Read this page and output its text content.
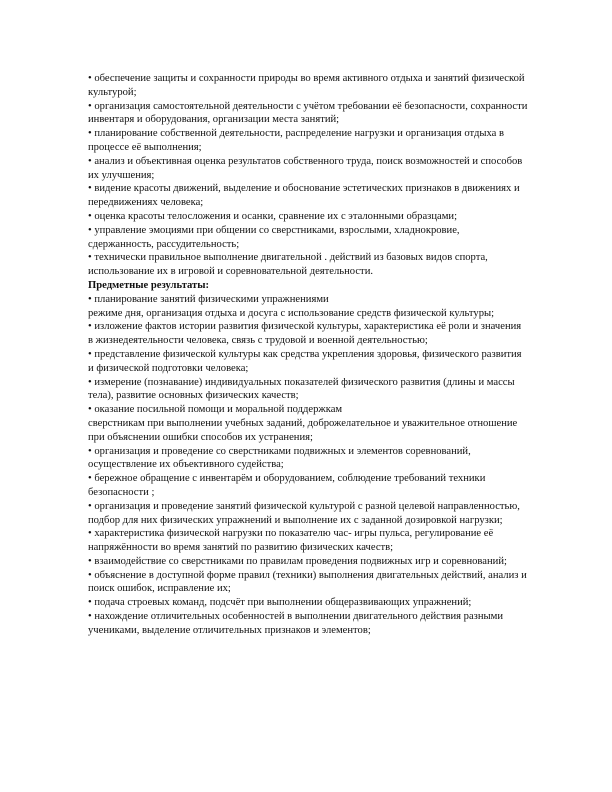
• обеспечение защиты и сохранности природы во время активного отдыха и занятий физической культурой;

• организация самостоятельной деятельности с учётом требовании её безопасности, сохранности инвентаря и оборудования, организации места занятий;

• планирование собственной деятельности, распределение нагрузки и организация отдыха в процессе её выполнения;

• анализ и объективная оценка результатов собственного труда, поиск возможностей и способов их улучшения;

• видение красоты движений, выделение и обоснование эстетических признаков в движениях и передвижениях человека;

• оценка красоты телосложения и осанки, сравнение их с эталонными образцами;

• управление эмоциями при общении со сверстниками, взрослыми, хладнокровие, сдержанность, рассудительность;

• технически правильное выполнение двигательной . действий из базовых видов спорта, использование их в игровой и соревновательной деятельности.

Предметные результаты:

• планирование занятий физическими упражнениями

режиме дня, организация отдыха и досуга с использование средств физической культуры;

• изложение фактов истории развития физической культуры, характеристика её роли и значения в жизнедеятельности человека, связь с трудовой и военной деятельностью;

• представление физической культуры как средства укрепления здоровья, физического развития и физической подготовки человека;

• измерение (познавание) индивидуальных показателей физического развития (длины и массы тела), развитие основных физических качеств;

• оказание посильной помощи и моральной поддержкам

сверстникам при выполнении учебных заданий, доброжелательное и уважительное отношение при объяснении ошибки способов их устранения;

• организация и проведение со сверстниками подвижных и элементов соревнований, осуществление их объективного судейства;

• бережное обращение с инвентарём и оборудованием, соблюдение требований техники безопасности ;

• организация и проведение занятий физической культурой с разной целевой направленностью, подбор для них физических упражнений и выполнение их с заданной дозировкой нагрузки;

• характеристика физической нагрузки по показателю час- игры пульса, регулирование её напряжённости во время занятий по развитию физических качеств;

• взаимодействие со сверстниками по правилам проведения подвижных игр и соревнований;

• объяснение в доступной форме правил (техники) выполнения двигательных действий, анализ и поиск ошибок, исправление их;

• подача строевых команд, подсчёт при выполнении общеразвивающих упражнений;

• нахождение отличительных особенностей в выполнении двигательного действия разными учениками, выделение отличительных признаков и элементов;
